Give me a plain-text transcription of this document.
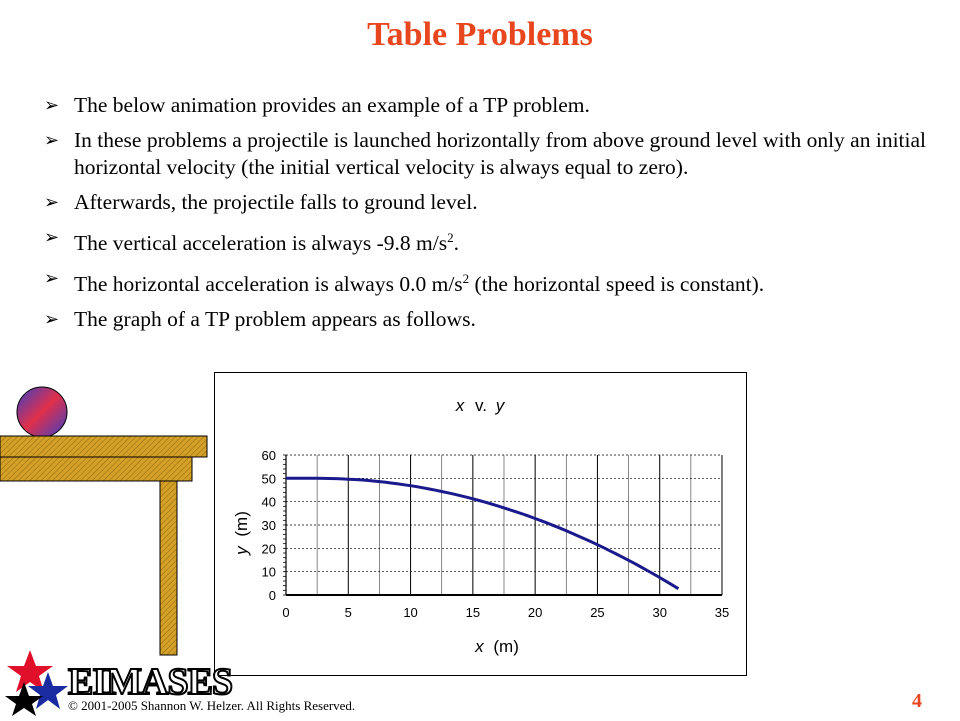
Table Problems
➢ The below animation provides an example of a TP problem.
➢ In these problems a projectile is launched horizontally from above ground level with only an initial horizontal velocity (the initial vertical velocity is always equal to zero).
➢ Afterwards, the projectile falls to ground level.
➢ The vertical acceleration is always -9.8 $m/s^2$.
➢ The horizontal acceleration is always 0.0 $m/s^2$ (the horizontal speed is constant).
➢ The graph of a TP problem appears as follows.
0	5	10	15	20	25	30	35
0
10
20
30
40
50
60
x v. y
x (m)
y (m)
EIMASES
© 2001-2005 Shannon W. Helzer. All Rights Reserved.	4
